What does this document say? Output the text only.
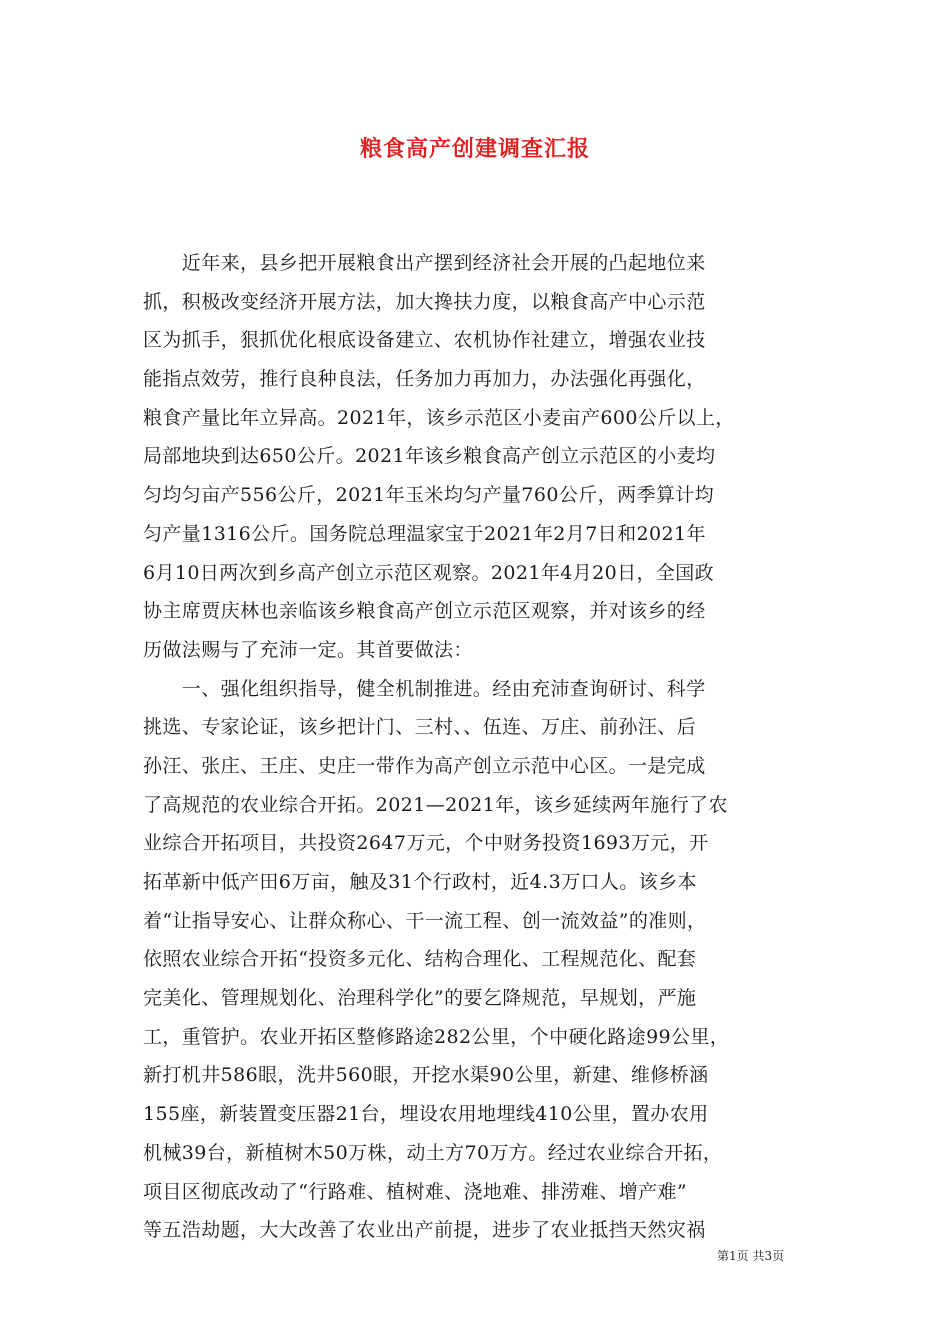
粮食高产创建调查汇报
　　近年来，县乡把开展粮食出产摆到经济社会开展的凸起地位来
抓，积极改变经济开展方法，加大搀扶力度，以粮食高产中心示范
区为抓手，狠抓优化根底设备建立、农机协作社建立，增强农业技
能指点效劳，推行良种良法，任务加力再加力，办法强化再强化，
粮食产量比年立异高。2021年，该乡示范区小麦亩产600公斤以上，
局部地块到达650公斤。2021年该乡粮食高产创立示范区的小麦均
匀均匀亩产556公斤，2021年玉米均匀产量760公斤，两季算计均
匀产量1316公斤。国务院总理温家宝于2021年2月7日和2021年
6月10日两次到乡高产创立示范区观察。2021年4月20日，全国政
协主席贾庆林也亲临该乡粮食高产创立示范区观察，并对该乡的经
历做法赐与了充沛一定。其首要做法：
　　一、强化组织指导，健全机制推进。经由充沛查询研讨、科学
挑选、专家论证，该乡把计门、三村、、伍连、万庄、前孙汪、后
孙汪、张庄、王庄、史庄一带作为高产创立示范中心区。一是完成
了高规范的农业综合开拓。2021—2021年，该乡延续两年施行了农
业综合开拓项目，共投资2647万元，个中财务投资1693万元，开
拓革新中低产田6万亩，触及31个行政村，近4.3万口人。该乡本
着“让指导安心、让群众称心、干一流工程、创一流效益”的准则，
依照农业综合开拓“投资多元化、结构合理化、工程规范化、配套
完美化、管理规划化、治理科学化”的要乞降规范，早规划，严施
工，重管护。农业开拓区整修路途282公里，个中硬化路途99公里，
新打机井586眼，洗井560眼，开挖水渠90公里，新建、维修桥涵
155座，新装置变压器21台，埋设农用地埋线410公里，置办农用
机械39台，新植树木50万株，动土方70万方。经过农业综合开拓，
项目区彻底改动了“行路难、植树难、浇地难、排涝难、增产难”
等五浩劫题，大大改善了农业出产前提，进步了农业抵挡天然灾祸
第1页 共3页
